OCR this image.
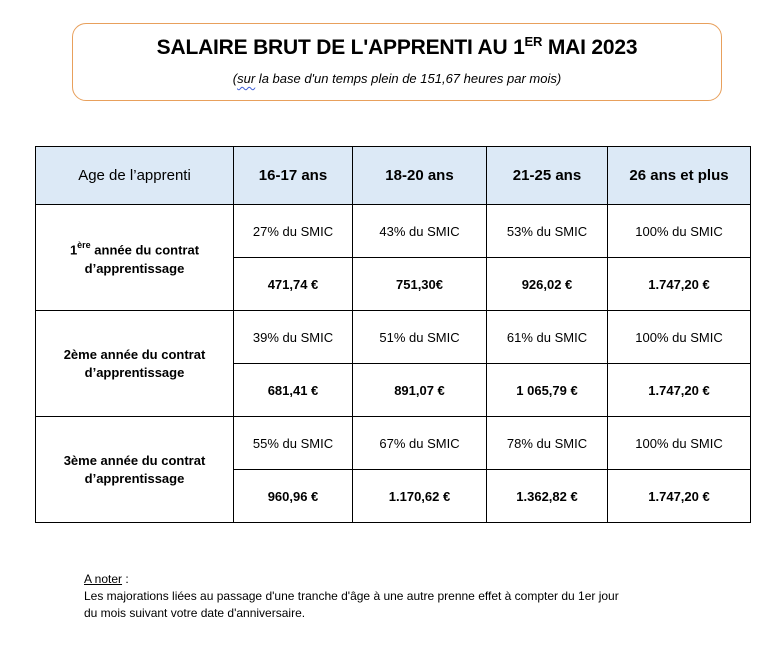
SALAIRE BRUT DE L'APPRENTI AU 1ER MAI 2023
(sur la base d'un temps plein de 151,67 heures par mois)
Age de l’apprenti	16-17 ans	18-20 ans	21-25 ans	26 ans et plus
1ère année du contrat
d’apprentissage	27% du SMIC	43% du SMIC	53% du SMIC	100% du SMIC
	471,74 €	751,30€	926,02 €	1.747,20 €
2ème année du contrat
d’apprentissage	39% du SMIC	51% du SMIC	61% du SMIC	100% du SMIC
	681,41 €	891,07 €	1 065,79 €	1.747,20 €
3ème année du contrat
d’apprentissage	55% du SMIC	67% du SMIC	78% du SMIC	100% du SMIC
	960,96 €	1.170,62 €	1.362,82 €	1.747,20 €
A noter :
Les majorations liées au passage d'une tranche d'âge à une autre prenne effet à compter du 1er jour
du mois suivant votre date d'anniversaire.
